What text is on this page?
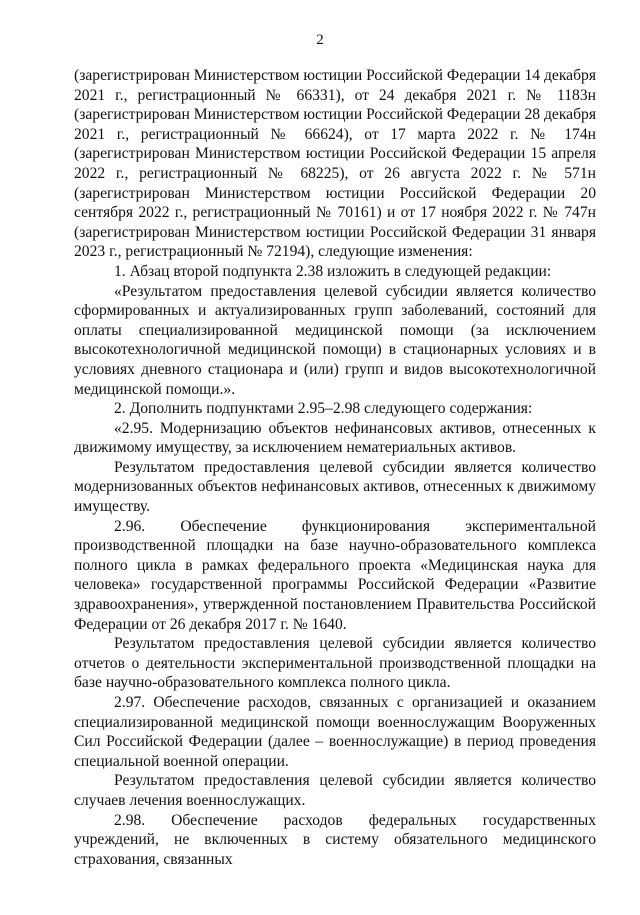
2

(зарегистрирован Министерством юстиции Российской Федерации 14 декабря 2021 г., регистрационный № 66331), от 24 декабря 2021 г. № 1183н (зарегистрирован Министерством юстиции Российской Федерации 28 декабря 2021 г., регистрационный № 66624), от 17 марта 2022 г. № 174н (зарегистрирован Министерством юстиции Российской Федерации 15 апреля 2022 г., регистрационный № 68225), от 26 августа 2022 г. № 571н (зарегистрирован Министерством юстиции Российской Федерации 20 сентября 2022 г., регистрационный № 70161) и от 17 ноября 2022 г. № 747н (зарегистрирован Министерством юстиции Российской Федерации 31 января 2023 г., регистрационный № 72194), следующие изменения:

1. Абзац второй подпункта 2.38 изложить в следующей редакции:

«Результатом предоставления целевой субсидии является количество сформированных и актуализированных групп заболеваний, состояний для оплаты специализированной медицинской помощи (за исключением высокотехнологичной медицинской помощи) в стационарных условиях и в условиях дневного стационара и (или) групп и видов высокотехнологичной медицинской помощи.».

2. Дополнить подпунктами 2.95–2.98 следующего содержания:

«2.95. Модернизацию объектов нефинансовых активов, отнесенных к движимому имуществу, за исключением нематериальных активов.

Результатом предоставления целевой субсидии является количество модернизованных объектов нефинансовых активов, отнесенных к движимому имуществу.

2.96. Обеспечение функционирования экспериментальной производственной площадки на базе научно-образовательного комплекса полного цикла в рамках федерального проекта «Медицинская наука для человека» государственной программы Российской Федерации «Развитие здравоохранения», утвержденной постановлением Правительства Российской Федерации от 26 декабря 2017 г. № 1640.

Результатом предоставления целевой субсидии является количество отчетов о деятельности экспериментальной производственной площадки на базе научно-образовательного комплекса полного цикла.

2.97. Обеспечение расходов, связанных с организацией и оказанием специализированной медицинской помощи военнослужащим Вооруженных Сил Российской Федерации (далее – военнослужащие) в период проведения специальной военной операции.

Результатом предоставления целевой субсидии является количество случаев лечения военнослужащих.

2.98. Обеспечение расходов федеральных государственных учреждений, не включенных в систему обязательного медицинского страхования, связанных
